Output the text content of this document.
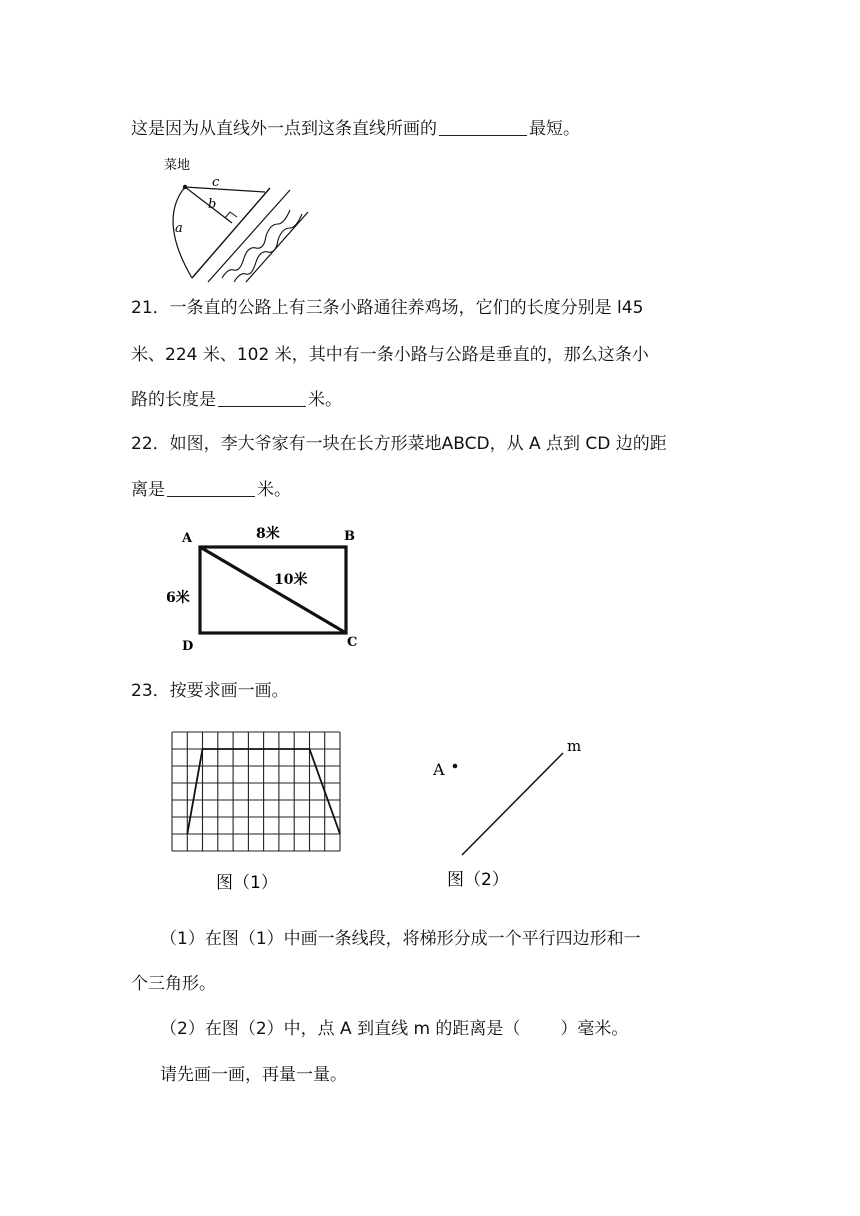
这是因为从直线外一点到这条直线所画的	最短。
菜地
c
b
a
21．一条直的公路上有三条小路通往养鸡场，它们的长度分别是 l45
米、224 米、102 米，其中有一条小路与公路是垂直的，那么这条小
路的长度是	米。
22．如图，李大爷家有一块在长方形菜地ABCD，从 A 点到 CD 边的距
离是	米。
A	B
C
D
8米
6米
10米
23．按要求画一画。
图（1）
A
m
图（2）
（1）在图（1）中画一条线段，将梯形分成一个平行四边形和一
个三角形。
（2）在图（2）中，点 A 到直线 m 的距离是（ ）毫米。
请先画一画，再量一量。
